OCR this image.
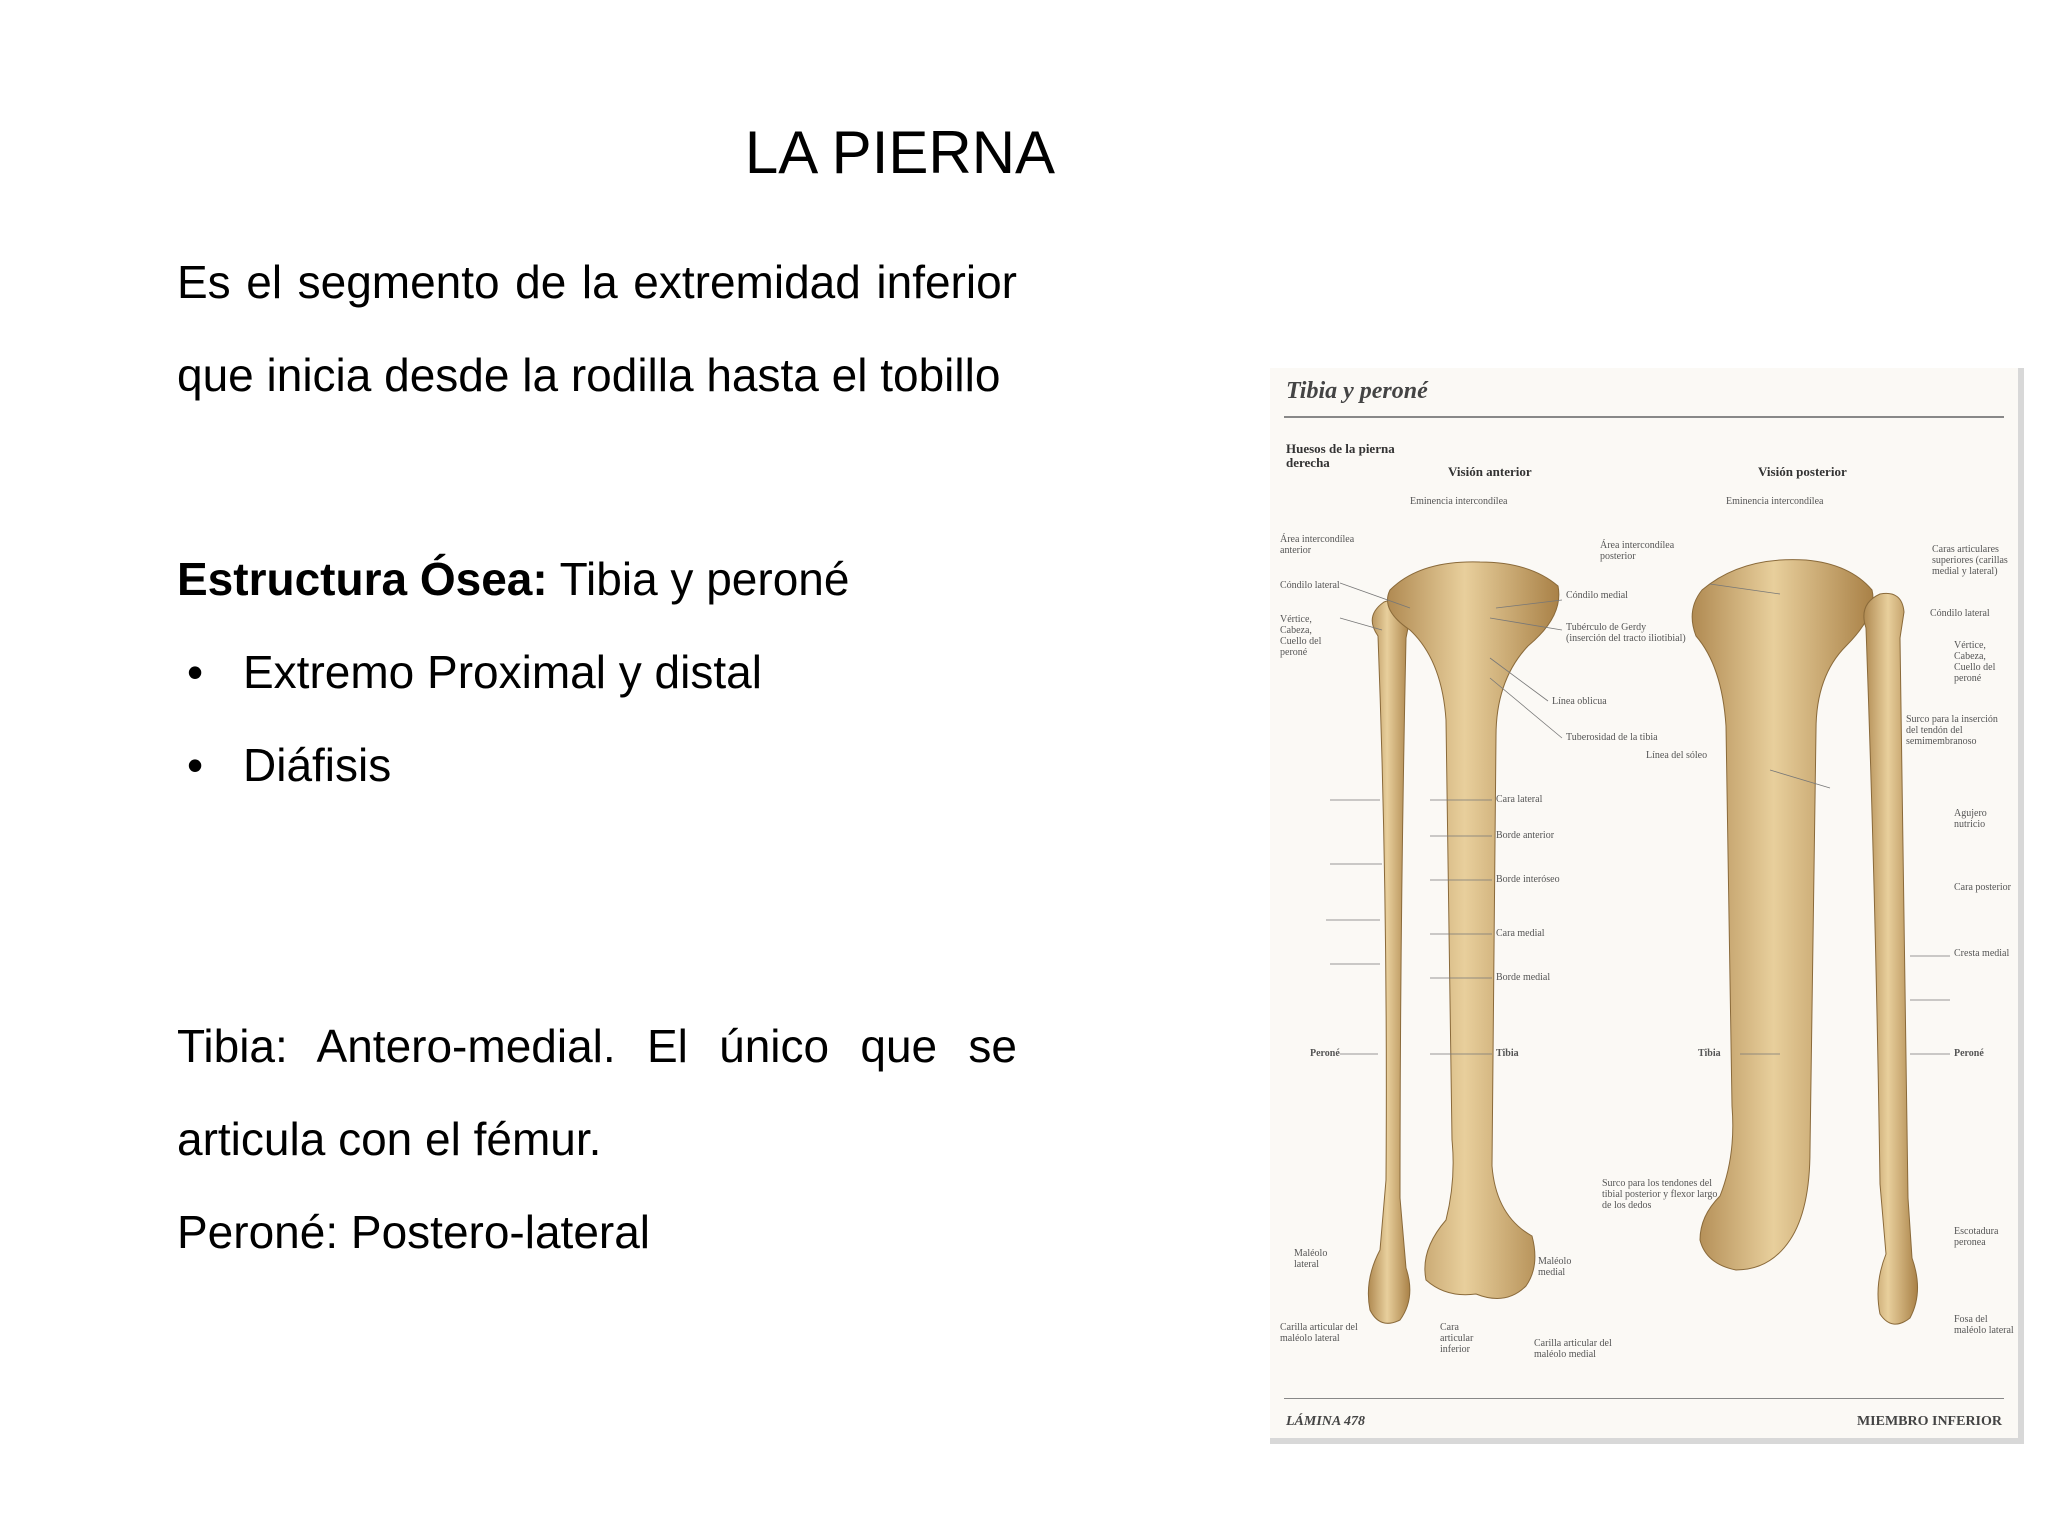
LA PIERNA

Es el segmento de la extremidad inferior que inicia desde la rodilla hasta el tobillo

Estructura Ósea: Tibia y peroné

• Extremo Proximal y distal
• Diáfisis

Tibia: Antero-medial. El único que se articula con el fémur.

Peroné: Postero-lateral

Tibia y peroné
Huesos de la pierna derecha
Visión anterior	Visión posterior
Área intercondílea anterior
Cóndilo lateral
Vértice, Cabeza, Cuello del peroné
Eminencia intercondílea
Cóndilo medial
Tubérculo de Gerdy (inserción del tracto iliotibial)
Línea oblicua
Tuberosidad de la tibia
Área intercondílea posterior
Eminencia intercondílea
Caras articulares superiores (carillas medial y lateral)
Cóndilo lateral
Vértice, Cabeza, Cuello del peroné
Surco para la inserción del tendón del semimembranoso
Línea del sóleo
Cara lateral
Borde anterior
Borde interóseo
Cara medial
Borde medial
Peroné	Tibia	Tibia	Peroné
Agujero nutricio
Cara posterior
Cresta medial
Maléolo lateral	Maléolo medial
Surco para los tendones del tibial posterior y flexor largo de los dedos
Escotadura peronea
Fosa del maléolo lateral
Cara articular inferior
Carilla articular del maléolo medial
Carilla articular del maléolo lateral
LÁMINA 478	MIEMBRO INFERIOR
